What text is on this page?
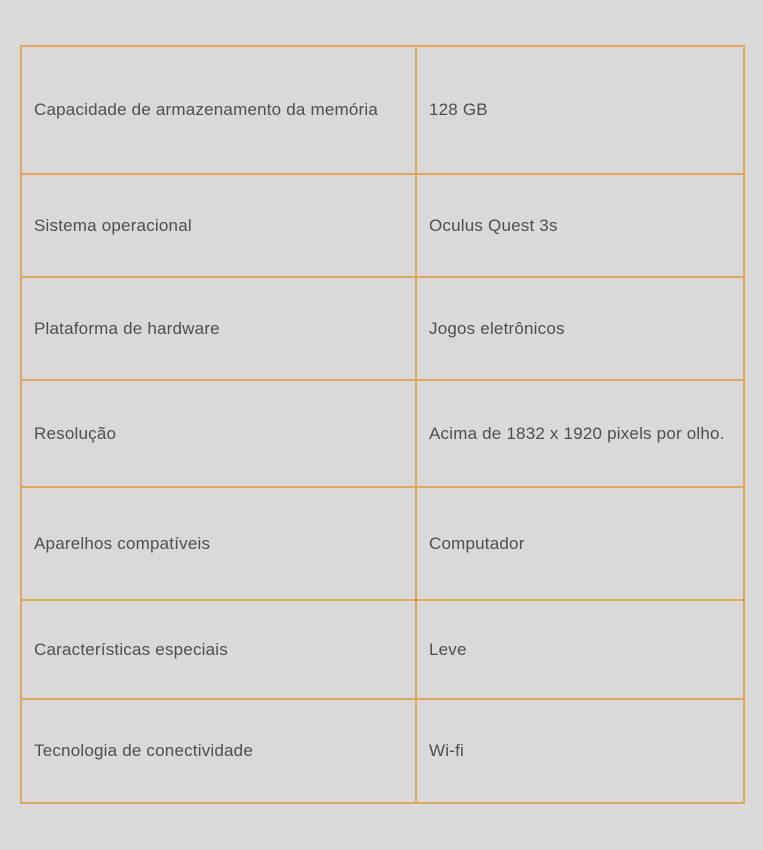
Capacidade de armazenamento da memória	128 GB
Sistema operacional	Oculus Quest 3s
Plataforma de hardware	Jogos eletrônicos
Resolução	Acima de 1832 x 1920 pixels por olho.
Aparelhos compatíveis	Computador
Características especiais	Leve
Tecnologia de conectividade	Wi-fi
